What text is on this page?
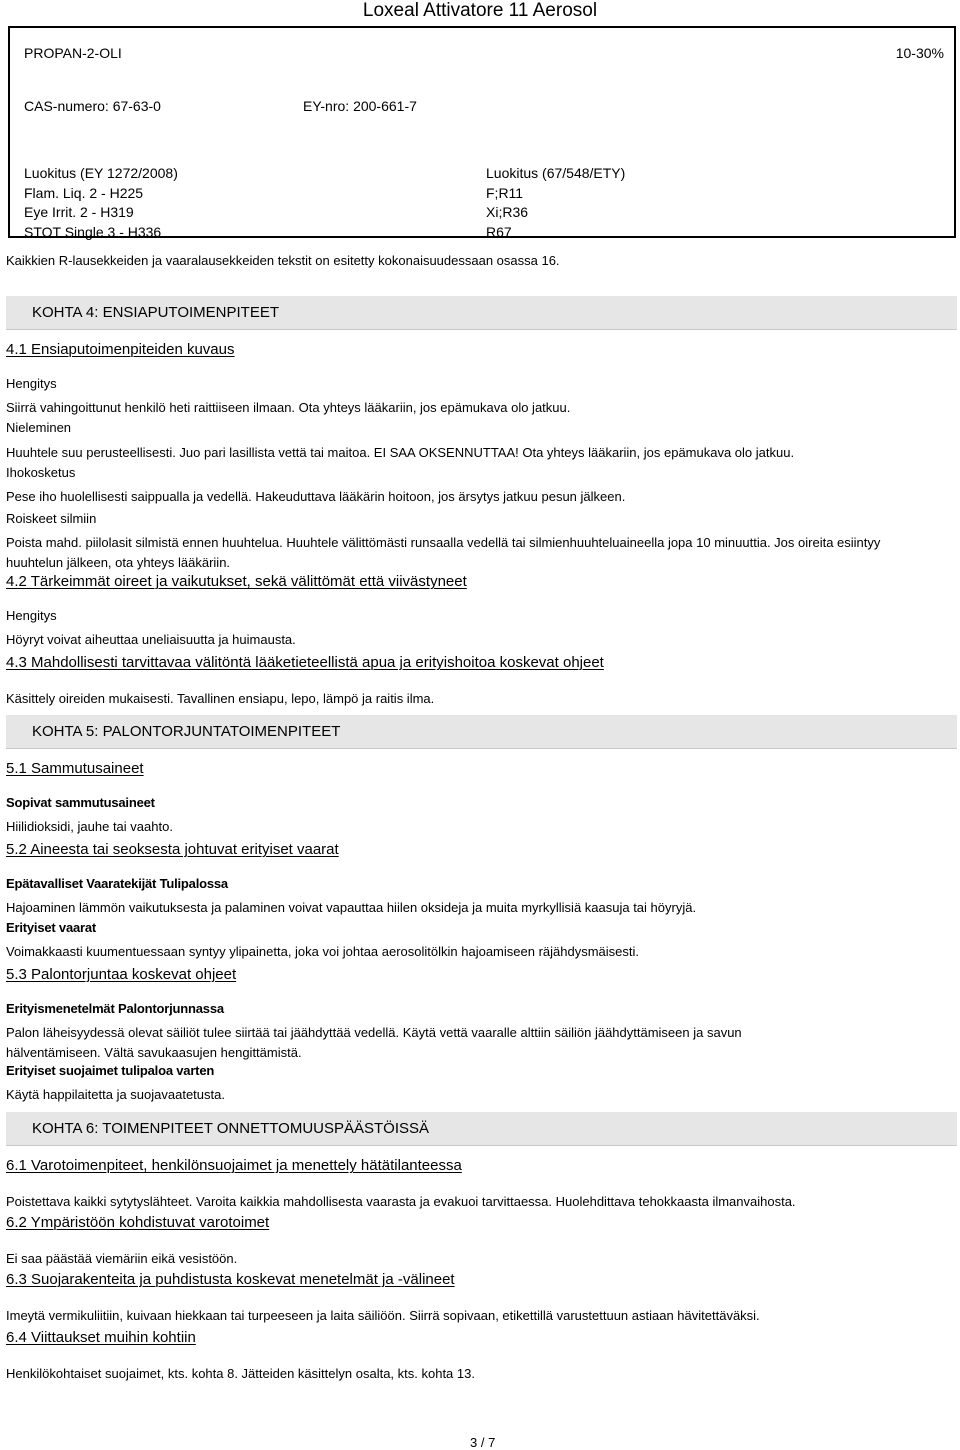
Loxeal Attivatore 11 Aerosol
PROPAN-2-OLI	10-30%
CAS-numero: 67-63-0	EY-nro: 200-661-7
Luokitus (EY 1272/2008)
Flam. Liq. 2 - H225
Eye Irrit. 2 - H319
STOT Single 3 - H336
Luokitus (67/548/ETY)
F;R11
Xi;R36
R67
Kaikkien R-lausekkeiden ja vaaralausekkeiden tekstit on esitetty kokonaisuudessaan osassa 16.
KOHTA 4: ENSIAPUTOIMENPITEET
4.1 Ensiaputoimenpiteiden kuvaus
Hengitys
Siirrä vahingoittunut henkilö heti raittiiseen ilmaan. Ota yhteys lääkariin, jos epämukava olo jatkuu.
Nieleminen
Huuhtele suu perusteellisesti. Juo pari lasillista vettä tai maitoa. EI SAA OKSENNUTTAA! Ota yhteys lääkariin, jos epämukava olo jatkuu.
Ihokosketus
Pese iho huolellisesti saippualla ja vedellä. Hakeuduttava lääkärin hoitoon, jos ärsytys jatkuu pesun jälkeen.
Roiskeet silmiin
Poista mahd. piilolasit silmistä ennen huuhtelua. Huuhtele välittömästi runsaalla vedellä tai silmienhuuhteluaineella jopa 10 minuuttia. Jos oireita esiintyy huuhtelun jälkeen, ota yhteys lääkäriin.
4.2 Tärkeimmät oireet ja vaikutukset, sekä välittömät että viivästyneet
Hengitys
Höyryt voivat aiheuttaa uneliaisuutta ja huimausta.
4.3 Mahdollisesti tarvittavaa välitöntä lääketieteellistä apua ja erityishoitoa koskevat ohjeet
Käsittely oireiden mukaisesti. Tavallinen ensiapu, lepo, lämpö ja raitis ilma.
KOHTA 5: PALONTORJUNTATOIMENPITEET
5.1 Sammutusaineet
Sopivat sammutusaineet
Hiilidioksidi, jauhe tai vaahto.
5.2 Aineesta tai seoksesta johtuvat erityiset vaarat
Epätavalliset Vaaratekijät Tulipalossa
Hajoaminen lämmön vaikutuksesta ja palaminen voivat vapauttaa hiilen oksideja ja muita myrkyllisiä kaasuja tai höyryjä.
Erityiset vaarat
Voimakkaasti kuumentuessaan syntyy ylipainetta, joka voi johtaa aerosolitölkin hajoamiseen räjähdysmäisesti.
5.3 Palontorjuntaa koskevat ohjeet
Erityismenetelmät Palontorjunnassa
Palon läheisyydessä olevat säiliöt tulee siirtää tai jäähdyttää vedellä. Käytä vettä vaaralle alttiin säiliön jäähdyttämiseen ja savun hälventämiseen. Vältä savukaasujen hengittämistä.
Erityiset suojaimet tulipaloa varten
Käytä happilaitetta ja suojavaatetusta.
KOHTA 6: TOIMENPITEET ONNETTOMUUSPÄÄSTÖISSÄ
6.1 Varotoimenpiteet, henkilönsuojaimet ja menettely hätätilanteessa
Poistettava kaikki sytytyslähteet. Varoita kaikkia mahdollisesta vaarasta ja evakuoi tarvittaessa. Huolehdittava tehokkaasta ilmanvaihosta.
6.2 Ympäristöön kohdistuvat varotoimet
Ei saa päästää viemäriin eikä vesistöön.
6.3 Suojarakenteita ja puhdistusta koskevat menetelmät ja -välineet
Imeytä vermikuliitiin, kuivaan hiekkaan tai turpeeseen ja laita säiliöön. Siirrä sopivaan, etikettillä varustettuun astiaan hävitettäväksi.
6.4 Viittaukset muihin kohtiin
Henkilökohtaiset suojaimet, kts. kohta 8. Jätteiden käsittelyn osalta, kts. kohta 13.
3 / 7
